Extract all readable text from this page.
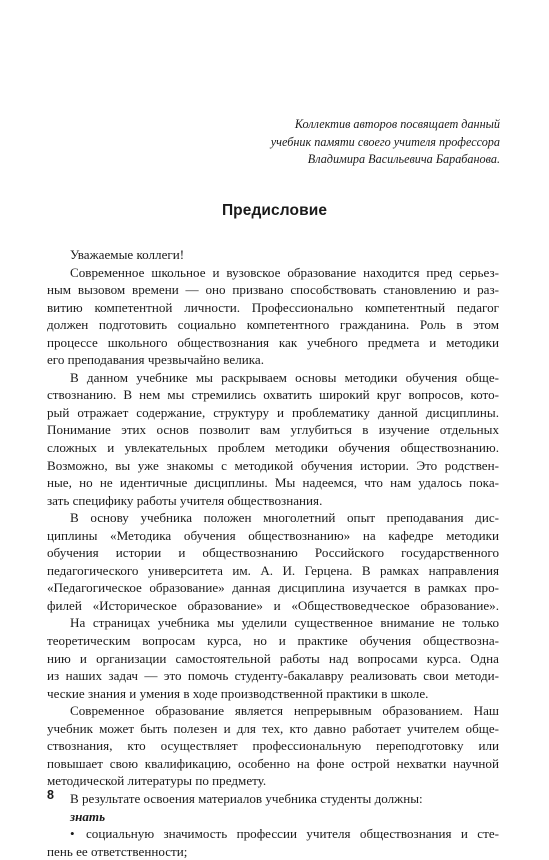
Коллектив авторов посвящает данный
учебник памяти своего учителя профессора
Владимира Васильевича Барабанова.
Предисловие
Уважаемые коллеги!
Современное школьное и вузовское образование находится пред серьез-
ным вызовом времени — оно призвано способствовать становлению и раз-
витию компетентной личности. Профессионально компетентный педагог
должен подготовить социально компетентного гражданина. Роль в этом
процессе школьного обществознания как учебного предмета и методики
его преподавания чрезвычайно велика.
В данном учебнике мы раскрываем основы методики обучения обще-
ствознанию. В нем мы стремились охватить широкий круг вопросов, кото-
рый отражает содержание, структуру и проблематику данной дисциплины.
Понимание этих основ позволит вам углубиться в изучение отдельных
сложных и увлекательных проблем методики обучения обществознанию.
Возможно, вы уже знакомы с методикой обучения истории. Это родствен-
ные, но не идентичные дисциплины. Мы надеемся, что нам удалось пока-
зать специфику работы учителя обществознания.
В основу учебника положен многолетний опыт преподавания дис-
циплины «Методика обучения обществознанию» на кафедре методики
обучения истории и обществознанию Российского государственного
педагогического университета им. А. И. Герцена. В рамках направления
«Педагогическое образование» данная дисциплина изучается в рамках про-
филей «Историческое образование» и «Обществоведческое образование».
На страницах учебника мы уделили существенное внимание не только
теоретическим вопросам курса, но и практике обучения обществозна-
нию и организации самостоятельной работы над вопросами курса. Одна
из наших задач — это помочь студенту-бакалавру реализовать свои методи-
ческие знания и умения в ходе производственной практики в школе.
Современное образование является непрерывным образованием. Наш
учебник может быть полезен и для тех, кто давно работает учителем обще-
ствознания, кто осуществляет профессиональную переподготовку или
повышает свою квалификацию, особенно на фоне острой нехватки научной
методической литературы по предмету.
В результате освоения материалов учебника студенты должны:
знать
• социальную значимость профессии учителя обществознания и сте-
пень ее ответственности;
8
